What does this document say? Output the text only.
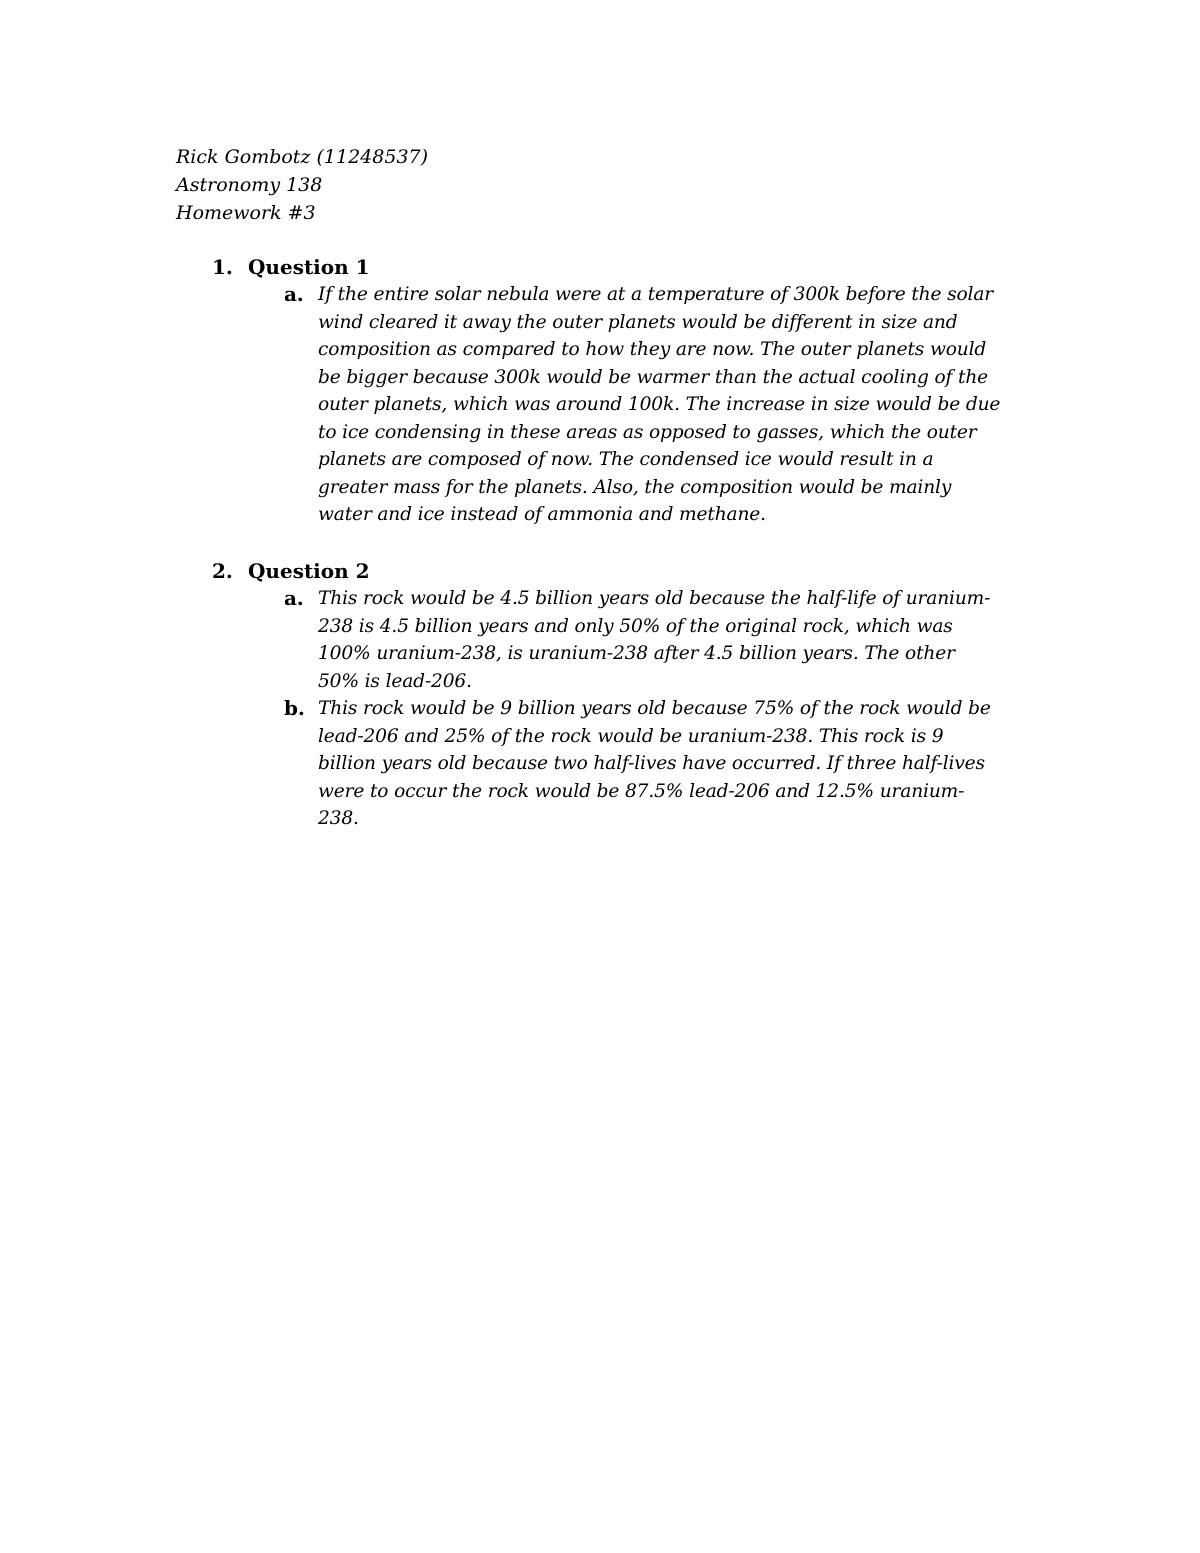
Rick Gombotz (11248537)
Astronomy 138
Homework #3
1. Question 1
a. If the entire solar nebula were at a temperature of 300k before the solar
wind cleared it away the outer planets would be different in size and
composition as compared to how they are now. The outer planets would
be bigger because 300k would be warmer than the actual cooling of the
outer planets, which was around 100k. The increase in size would be due
to ice condensing in these areas as opposed to gasses, which the outer
planets are composed of now. The condensed ice would result in a
greater mass for the planets. Also, the composition would be mainly
water and ice instead of ammonia and methane.
2. Question 2
a. This rock would be 4.5 billion years old because the half-life of uranium-
238 is 4.5 billion years and only 50% of the original rock, which was
100% uranium-238, is uranium-238 after 4.5 billion years. The other
50% is lead-206.
b. This rock would be 9 billion years old because 75% of the rock would be
lead-206 and 25% of the rock would be uranium-238. This rock is 9
billion years old because two half-lives have occurred. If three half-lives
were to occur the rock would be 87.5% lead-206 and 12.5% uranium-
238.
